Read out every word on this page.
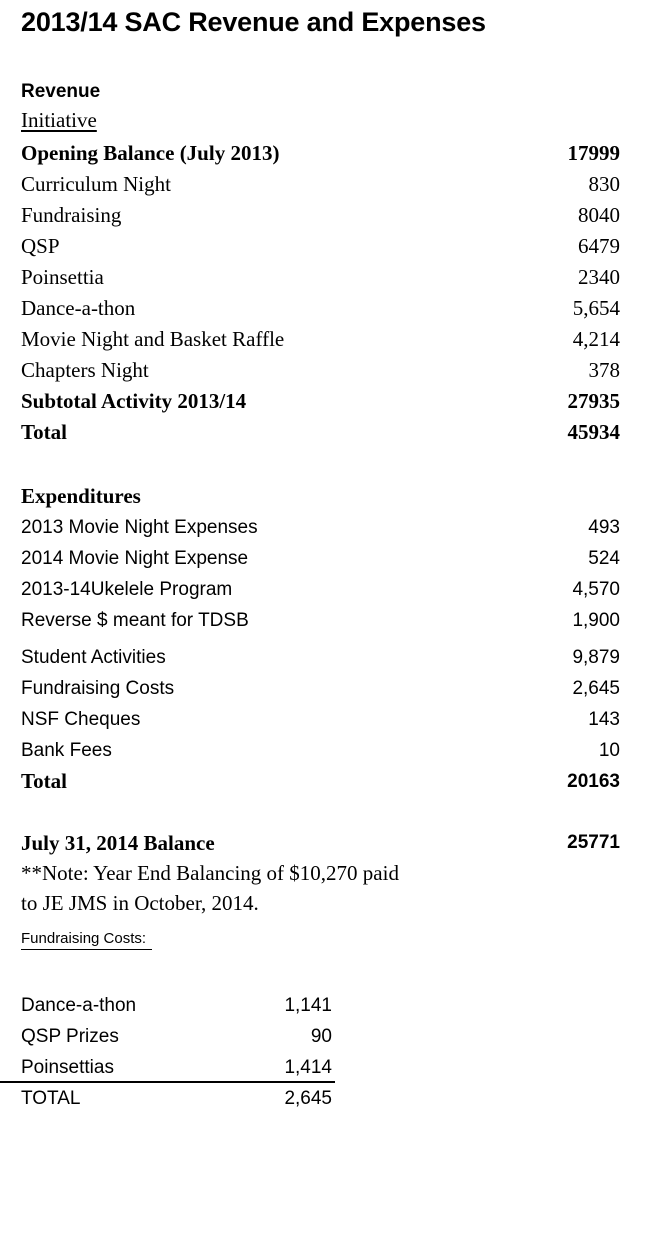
2013/14 SAC Revenue and Expenses
Revenue
Initiative
Opening Balance (July 2013)	17999
Curriculum Night	830
Fundraising	8040
QSP	6479
Poinsettia	2340
Dance-a-thon	5,654
Movie Night and Basket Raffle	4,214
Chapters Night	378
Subtotal Activity 2013/14	27935
Total	45934
Expenditures
2013 Movie Night Expenses	493
2014 Movie Night Expense	524
2013-14Ukelele Program	4,570
Reverse $ meant for TDSB	1,900
Student Activities	9,879
Fundraising Costs	2,645
NSF Cheques	143
Bank Fees	10
Total	20163
July 31, 2014 Balance	25771
**Note: Year End Balancing of $10,270 paid
to JE JMS in October, 2014.
Fundraising Costs:
Dance-a-thon	1,141
QSP Prizes	90
Poinsettias	1,414
TOTAL	2,645
